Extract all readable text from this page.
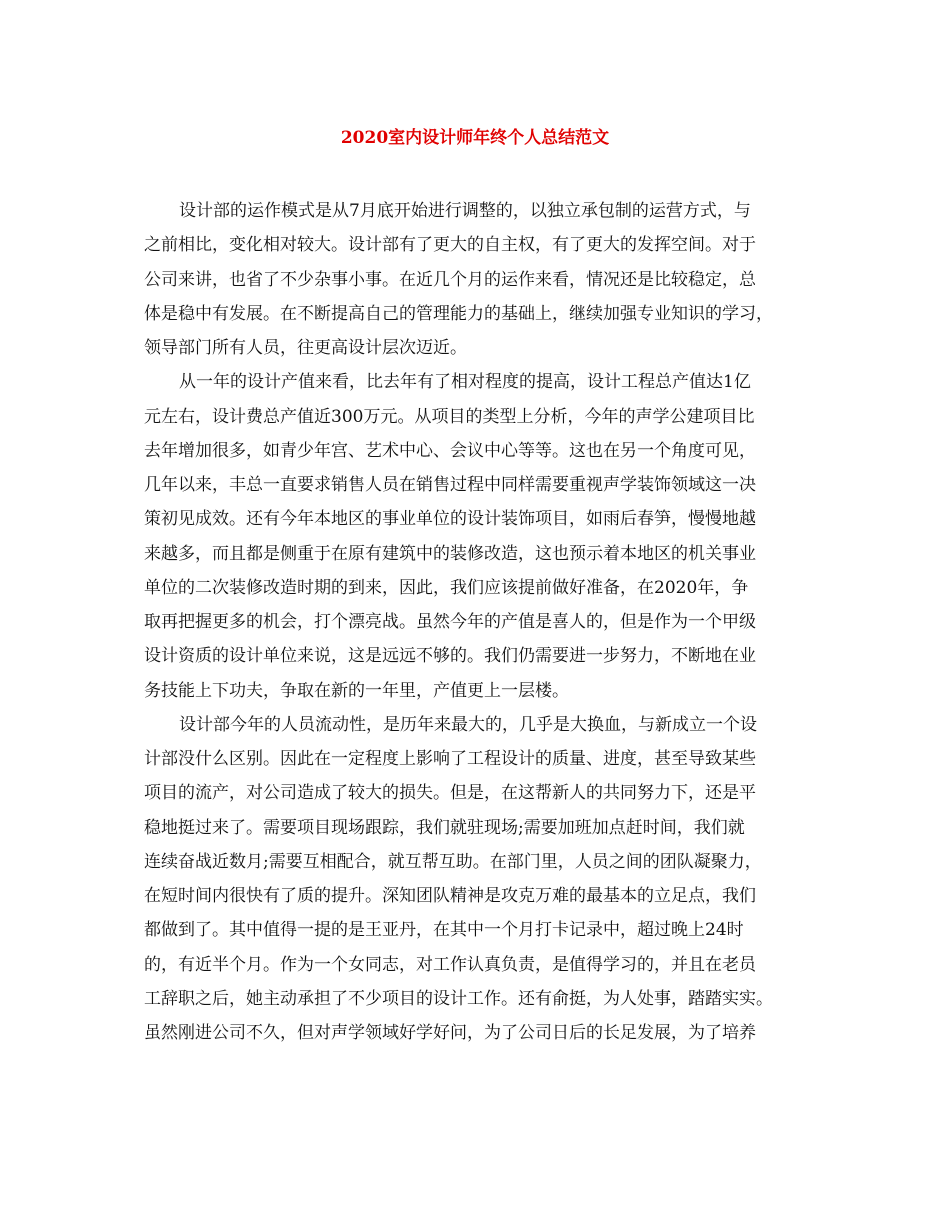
2020室内设计师年终个人总结范文
设计部的运作模式是从7月底开始进行调整的，以独立承包制的运营方式，与
之前相比，变化相对较大。设计部有了更大的自主权，有了更大的发挥空间。对于
公司来讲，也省了不少杂事小事。在近几个月的运作来看，情况还是比较稳定，总
体是稳中有发展。在不断提高自己的管理能力的基础上，继续加强专业知识的学习，
领导部门所有人员，往更高设计层次迈近。
从一年的设计产值来看，比去年有了相对程度的提高，设计工程总产值达1亿
元左右，设计费总产值近300万元。从项目的类型上分析，今年的声学公建项目比
去年增加很多，如青少年宫、艺术中心、会议中心等等。这也在另一个角度可见，
几年以来，丰总一直要求销售人员在销售过程中同样需要重视声学装饰领域这一决
策初见成效。还有今年本地区的事业单位的设计装饰项目，如雨后春笋，慢慢地越
来越多，而且都是侧重于在原有建筑中的装修改造，这也预示着本地区的机关事业
单位的二次装修改造时期的到来，因此，我们应该提前做好准备，在2020年，争
取再把握更多的机会，打个漂亮战。虽然今年的产值是喜人的，但是作为一个甲级
设计资质的设计单位来说，这是远远不够的。我们仍需要进一步努力，不断地在业
务技能上下功夫，争取在新的一年里，产值更上一层楼。
设计部今年的人员流动性，是历年来最大的，几乎是大换血，与新成立一个设
计部没什么区别。因此在一定程度上影响了工程设计的质量、进度，甚至导致某些
项目的流产，对公司造成了较大的损失。但是，在这帮新人的共同努力下，还是平
稳地挺过来了。需要项目现场跟踪，我们就驻现场;需要加班加点赶时间，我们就
连续奋战近数月;需要互相配合，就互帮互助。在部门里，人员之间的团队凝聚力，
在短时间内很快有了质的提升。深知团队精神是攻克万难的最基本的立足点，我们
都做到了。其中值得一提的是王亚丹，在其中一个月打卡记录中，超过晚上24时
的，有近半个月。作为一个女同志，对工作认真负责，是值得学习的，并且在老员
工辞职之后，她主动承担了不少项目的设计工作。还有俞挺，为人处事，踏踏实实。
虽然刚进公司不久，但对声学领域好学好问，为了公司日后的长足发展，为了培养
